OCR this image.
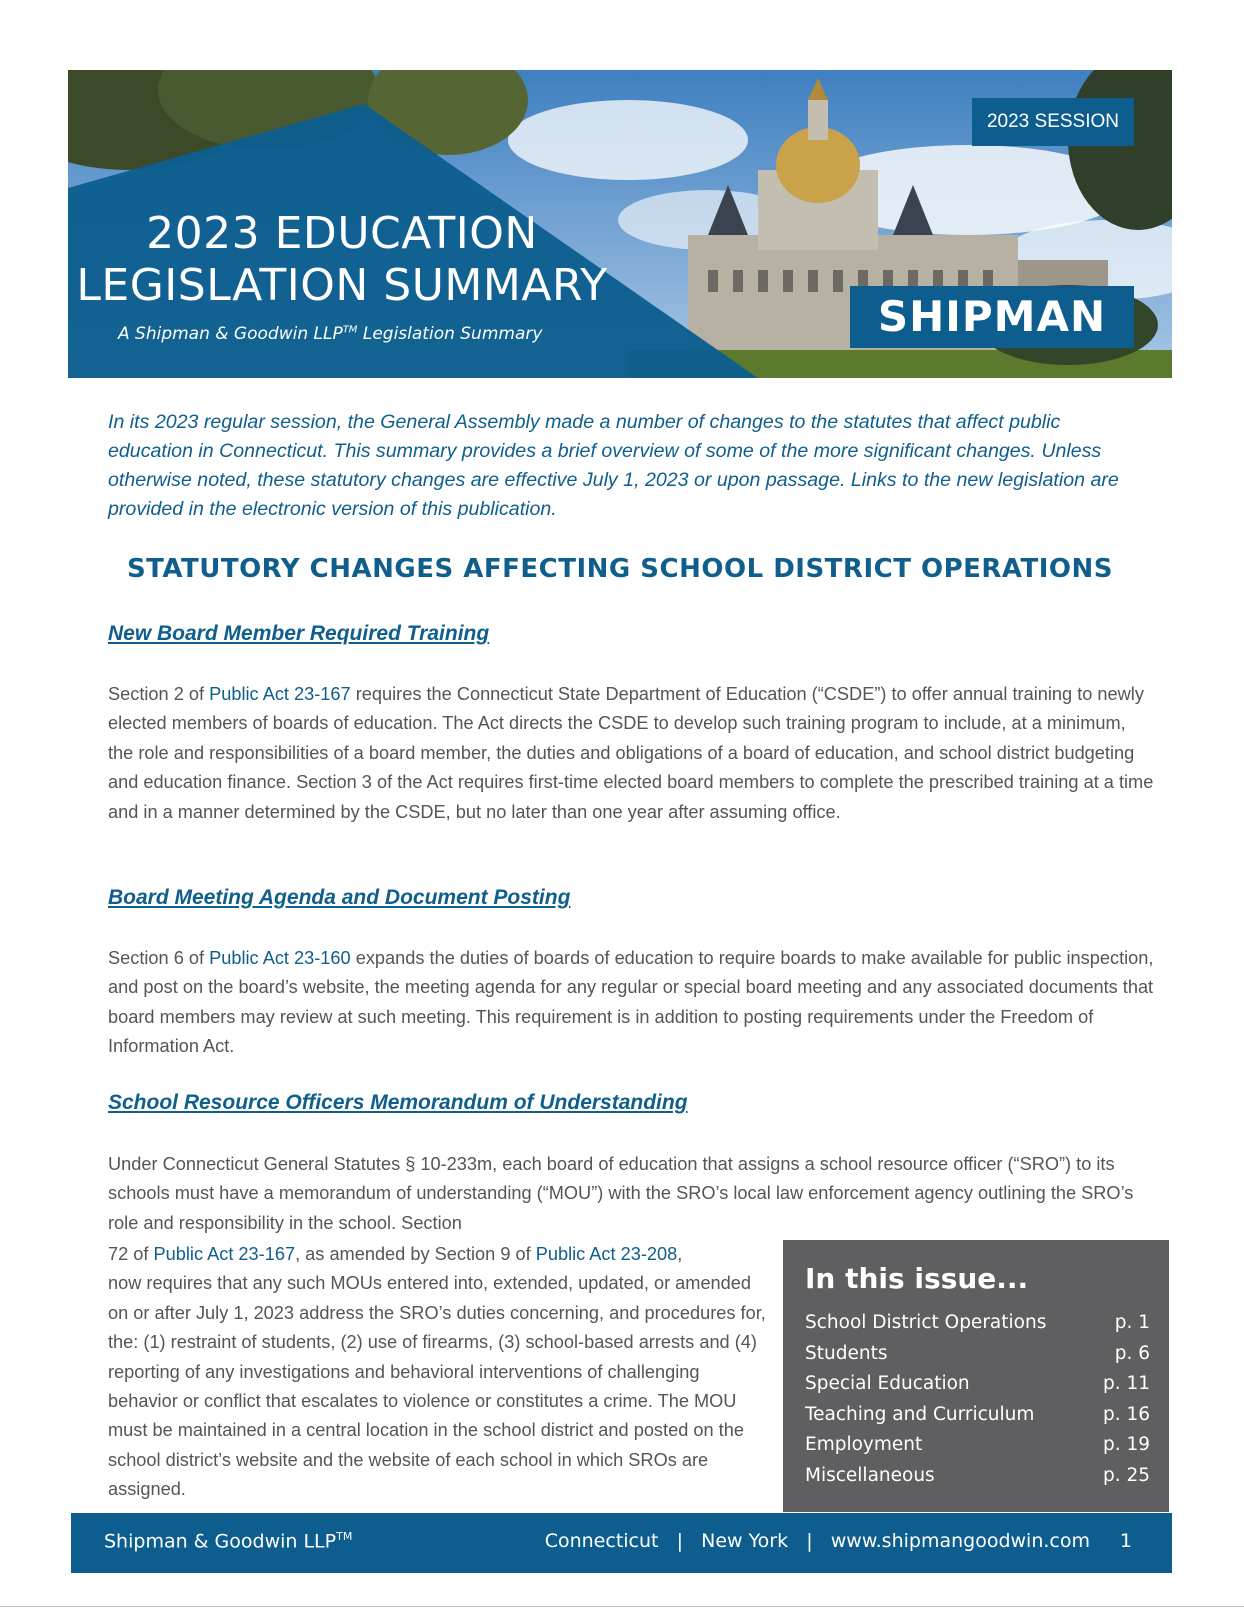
2023 EDUCATION
LEGISLATION SUMMARY
A Shipman & Goodwin LLP™ Legislation Summary
2023 SESSION
SHIPMAN
In its 2023 regular session, the General Assembly made a number of changes to the statutes that affect public education in Connecticut. This summary provides a brief overview of some of the more significant changes. Unless otherwise noted, these statutory changes are effective July 1, 2023 or upon passage. Links to the new legislation are provided in the electronic version of this publication.
STATUTORY CHANGES AFFECTING SCHOOL DISTRICT OPERATIONS
New Board Member Required Training
Section 2 of Public Act 23-167 requires the Connecticut State Department of Education (“CSDE”) to offer annual training to newly elected members of boards of education. The Act directs the CSDE to develop such training program to include, at a minimum, the role and responsibilities of a board member, the duties and obligations of a board of education, and school district budgeting and education finance. Section 3 of the Act requires first-time elected board members to complete the prescribed training at a time and in a manner determined by the CSDE, but no later than one year after assuming office.
Board Meeting Agenda and Document Posting
Section 6 of Public Act 23-160 expands the duties of boards of education to require boards to make available for public inspection, and post on the board’s website, the meeting agenda for any regular or special board meeting and any associated documents that board members may review at such meeting. This requirement is in addition to posting requirements under the Freedom of Information Act.
School Resource Officers Memorandum of Understanding
Under Connecticut General Statutes § 10-233m, each board of education that assigns a school resource officer (“SRO”) to its schools must have a memorandum of understanding (“MOU”) with the SRO’s local law enforcement agency outlining the SRO’s role and responsibility in the school. Section
72 of Public Act 23-167, as amended by Section 9 of Public Act 23-208,
now requires that any such MOUs entered into, extended, updated, or amended on or after July 1, 2023 address the SRO’s duties concerning, and procedures for, the: (1) restraint of students, (2) use of firearms, (3) school-based arrests and (4) reporting of any investigations and behavioral interventions of challenging behavior or conflict that escalates to violence or constitutes a crime. The MOU must be maintained in a central location in the school district and posted on the school district’s website and the website of each school in which SROs are assigned.
In this issue...
School District Operations	p. 1
Students	p. 6
Special Education	p. 11
Teaching and Curriculum	p. 16
Employment	p. 19
Miscellaneous	p. 25
Shipman & Goodwin LLP™	Connecticut   |   New York   |   www.shipmangoodwin.com 1
